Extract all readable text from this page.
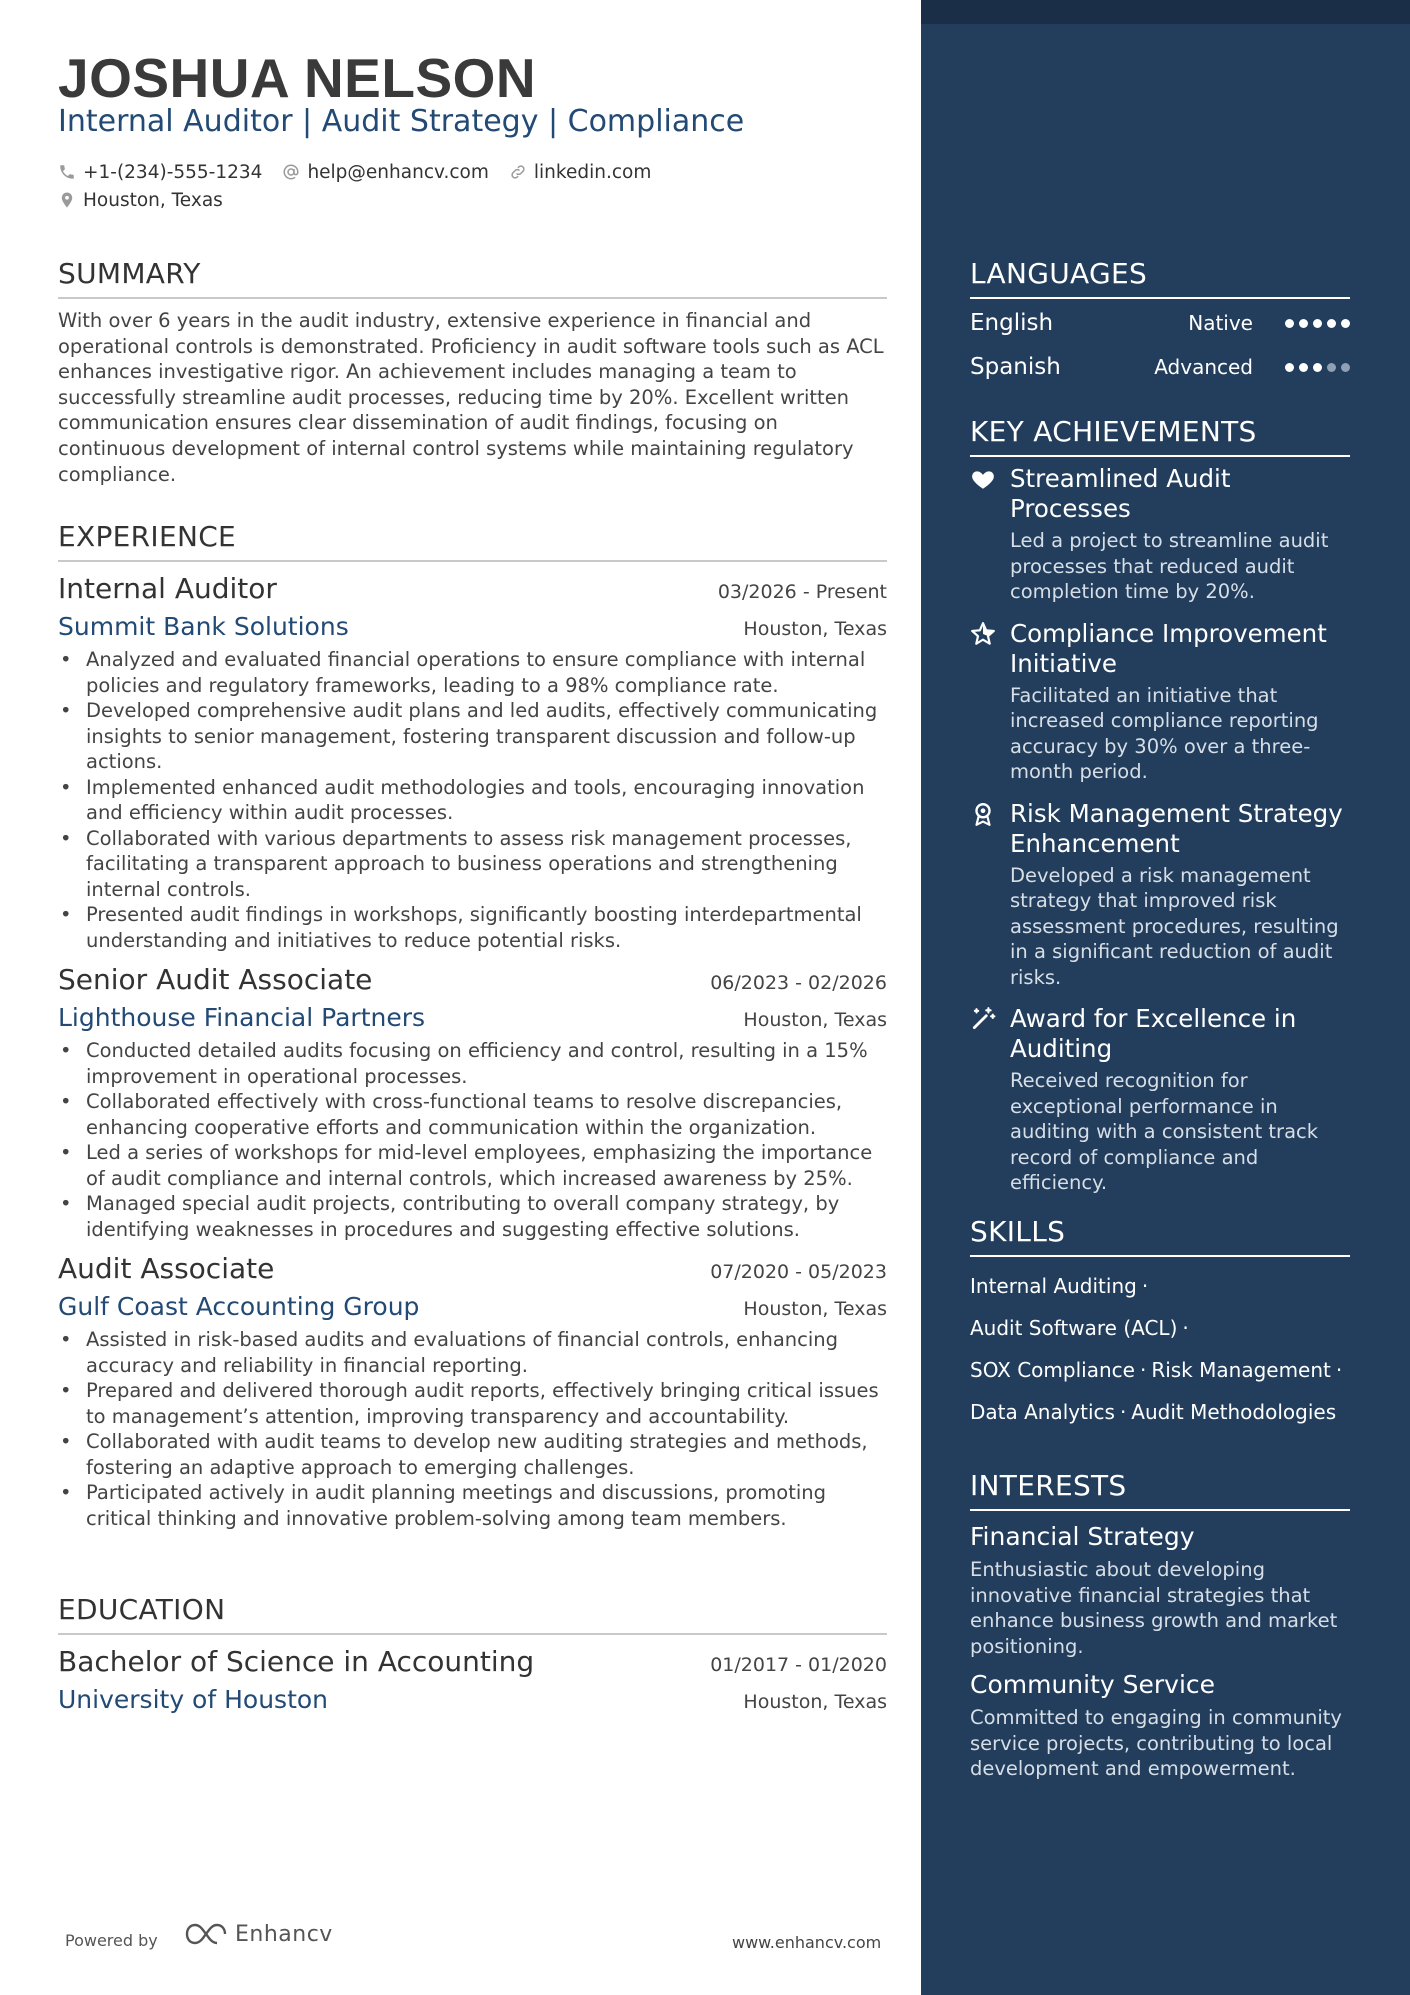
JOSHUA NELSON
Internal Auditor | Audit Strategy | Compliance
+1-(234)-555-1234 help@enhancv.com linkedin.com
Houston, Texas
SUMMARY
With over 6 years in the audit industry, extensive experience in financial and operational controls is demonstrated. Proficiency in audit software tools such as ACL enhances investigative rigor. An achievement includes managing a team to successfully streamline audit processes, reducing time by 20%. Excellent written communication ensures clear dissemination of audit findings, focusing on continuous development of internal control systems while maintaining regulatory compliance.
EXPERIENCE
Internal Auditor	03/2026 - Present
Summit Bank Solutions	Houston, Texas
• Analyzed and evaluated financial operations to ensure compliance with internal policies and regulatory frameworks, leading to a 98% compliance rate.
• Developed comprehensive audit plans and led audits, effectively communicating insights to senior management, fostering transparent discussion and follow-up actions.
• Implemented enhanced audit methodologies and tools, encouraging innovation and efficiency within audit processes.
• Collaborated with various departments to assess risk management processes, facilitating a transparent approach to business operations and strengthening internal controls.
• Presented audit findings in workshops, significantly boosting interdepartmental understanding and initiatives to reduce potential risks.
Senior Audit Associate	06/2023 - 02/2026
Lighthouse Financial Partners	Houston, Texas
• Conducted detailed audits focusing on efficiency and control, resulting in a 15% improvement in operational processes.
• Collaborated effectively with cross-functional teams to resolve discrepancies, enhancing cooperative efforts and communication within the organization.
• Led a series of workshops for mid-level employees, emphasizing the importance of audit compliance and internal controls, which increased awareness by 25%.
• Managed special audit projects, contributing to overall company strategy, by identifying weaknesses in procedures and suggesting effective solutions.
Audit Associate	07/2020 - 05/2023
Gulf Coast Accounting Group	Houston, Texas
• Assisted in risk-based audits and evaluations of financial controls, enhancing accuracy and reliability in financial reporting.
• Prepared and delivered thorough audit reports, effectively bringing critical issues to management’s attention, improving transparency and accountability.
• Collaborated with audit teams to develop new auditing strategies and methods, fostering an adaptive approach to emerging challenges.
• Participated actively in audit planning meetings and discussions, promoting critical thinking and innovative problem-solving among team members.
EDUCATION
Bachelor of Science in Accounting	01/2017 - 01/2020
University of Houston	Houston, Texas
Powered by	Enhancv	www.enhancv.com
LANGUAGES
English	Native
Spanish	Advanced
KEY ACHIEVEMENTS
Streamlined Audit Processes
Led a project to streamline audit processes that reduced audit completion time by 20%.
Compliance Improvement Initiative
Facilitated an initiative that increased compliance reporting accuracy by 30% over a three-month period.
Risk Management Strategy Enhancement
Developed a risk management strategy that improved risk assessment procedures, resulting in a significant reduction of audit risks.
Award for Excellence in Auditing
Received recognition for exceptional performance in auditing with a consistent track record of compliance and efficiency.
SKILLS
Internal Auditing ·
Audit Software (ACL) ·
SOX Compliance · Risk Management ·
Data Analytics · Audit Methodologies
INTERESTS
Financial Strategy
Enthusiastic about developing innovative financial strategies that enhance business growth and market positioning.
Community Service
Committed to engaging in community service projects, contributing to local development and empowerment.
